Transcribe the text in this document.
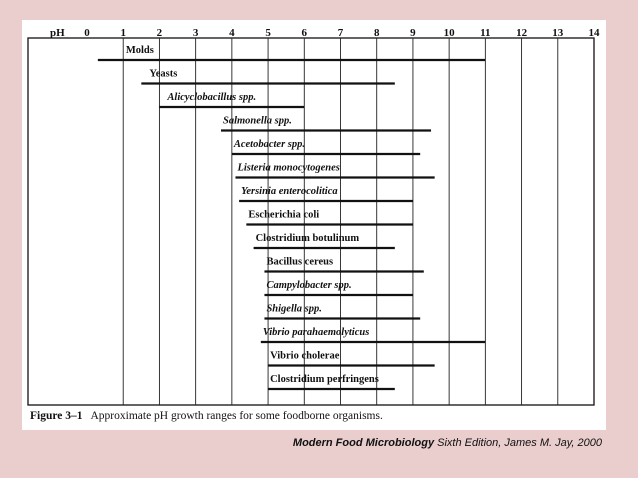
pH 0	1	2	3	4	5	6	7	8	9	10 11 12 13 14
Molds
Yeasts
Alicyclobacillus spp.
Salmonella spp.
Acetobacter spp.
Listeria monocytogenes
Yersinia enterocolitica
Escherichia coli
Clostridium botulinum
Bacillus cereus
Campylobacter spp.
Shigella spp.
Vibrio parahaemolyticus
Vibrio cholerae
Clostridium perfringens
Figure 3–1 Approximate pH growth ranges for some foodborne organisms.
Modern Food Microbiology Sixth Edition, James M. Jay, 2000
